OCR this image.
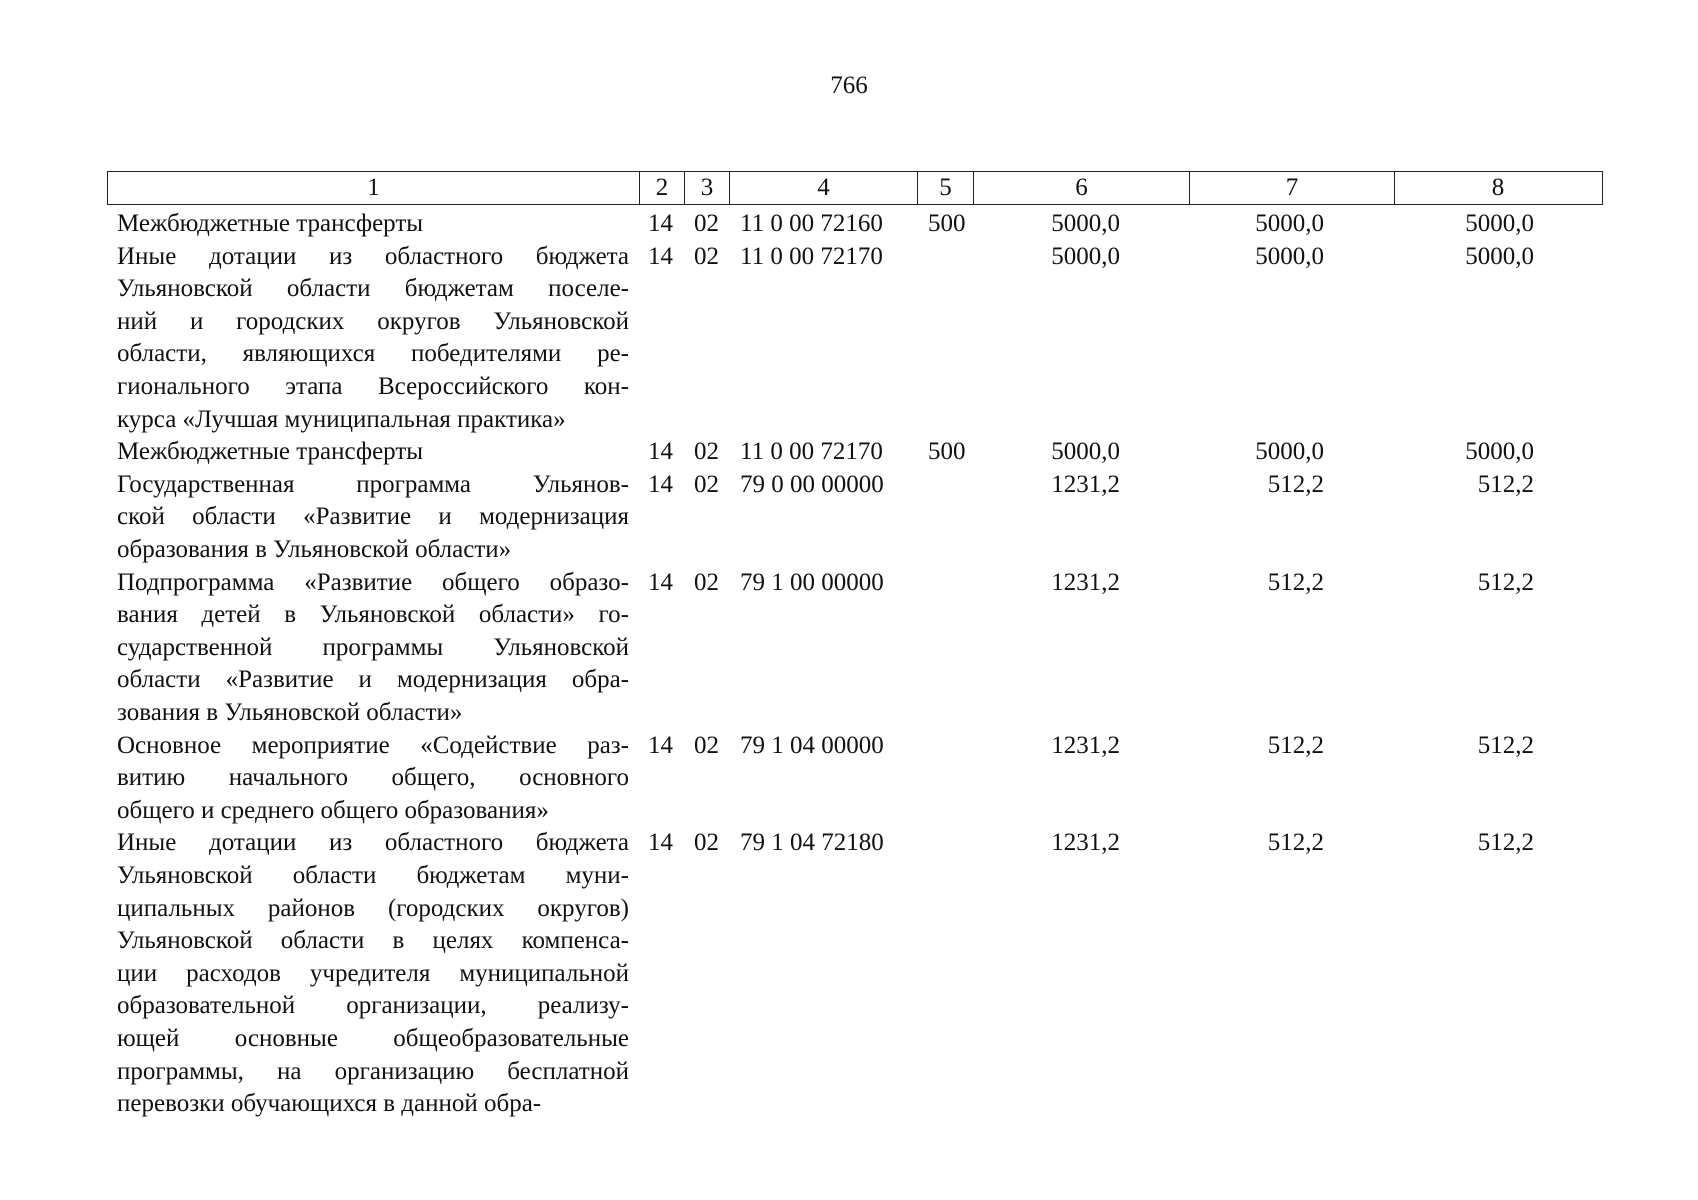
766
1	2	3	4	5	6	7	8
Межбюджетные трансферты	14 02 11 0 00 72160 500	5000,0	5000,0	5000,0
Иные дотации из областного бюджета
Ульяновской области бюджетам поселе-
ний и городских округов Ульяновской
области, являющихся победителями ре-
гионального этапа Всероссийского кон-
курса «Лучшая муниципальная практика»
14 02 11 0 00 72170	5000,0	5000,0	5000,0
Межбюджетные трансферты	14 02 11 0 00 72170 500	5000,0	5000,0	5000,0
Государственная программа Ульянов-
ской области «Развитие и модернизация
образования в Ульяновской области»
14 02 79 0 00 00000	1231,2	512,2	512,2
Подпрограмма «Развитие общего образо-
вания детей в Ульяновской области» го-
сударственной программы Ульяновской
области «Развитие и модернизация обра-
зования в Ульяновской области»
14 02 79 1 00 00000	1231,2	512,2	512,2
Основное мероприятие «Содействие раз-
витию начального общего, основного
общего и среднего общего образования»
14 02 79 1 04 00000	1231,2	512,2	512,2
Иные дотации из областного бюджета
Ульяновской области бюджетам муни-
ципальных районов (городских округов)
Ульяновской области в целях компенса-
ции расходов учредителя муниципальной
образовательной организации, реализу-
ющей основные общеобразовательные
программы, на организацию бесплатной
перевозки обучающихся в данной обра-
14 02 79 1 04 72180	1231,2	512,2	512,2
